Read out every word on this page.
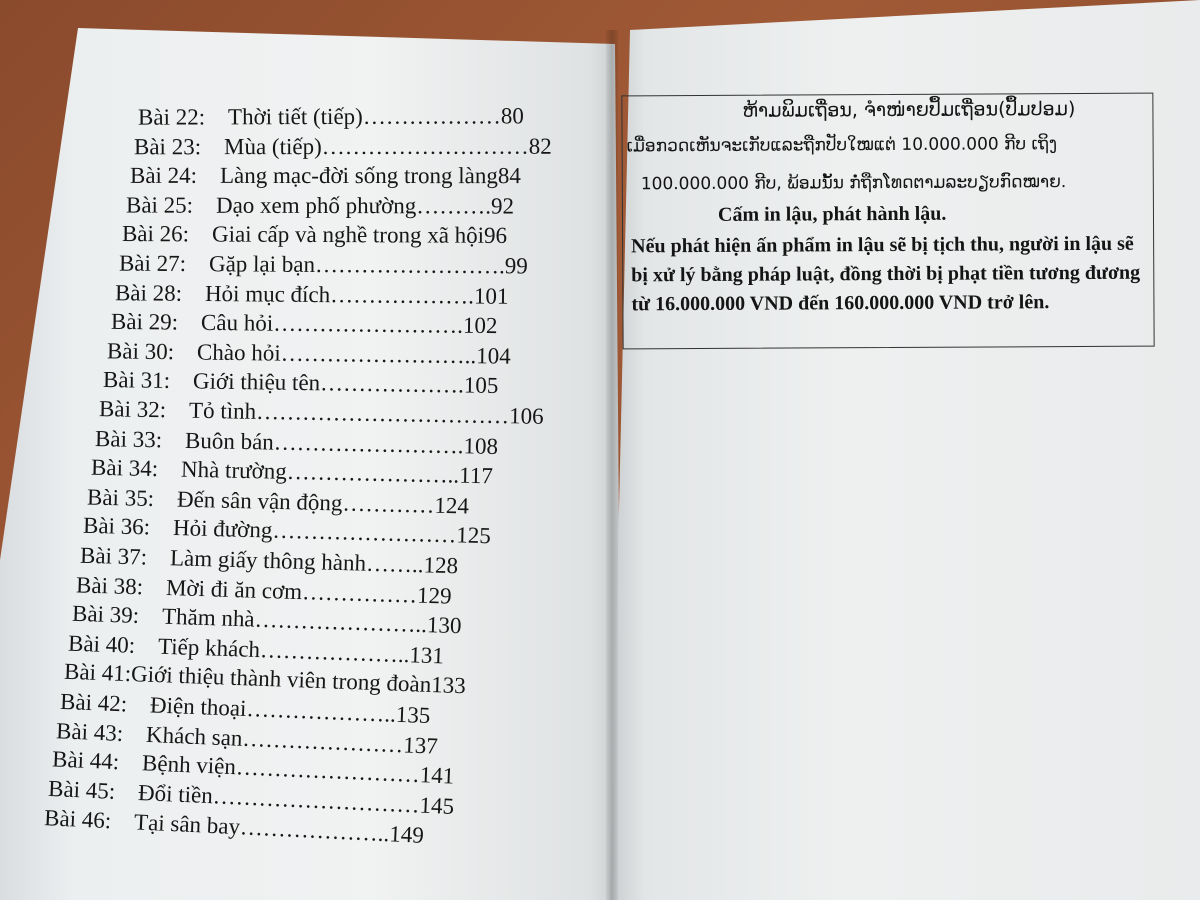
Bài 22: Thời tiết (tiếp) ……………… 80
Bài 23: Mùa (tiếp) ……………………… 82
Bài 24: Làng mạc-đời sống trong làng 84
Bài 25: Dạo xem phố phường ………. 92
Bài 26: Giai cấp và nghề trong xã hội 96
Bài 27: Gặp lại bạn ……………………. 99
Bài 28: Hỏi mục đích ………………. 101
Bài 29: Câu hỏi ……………………. 102
Bài 30: Chào hỏi …………………….. 104
Bài 31: Giới thiệu tên ………………. 105
Bài 32: Tỏ tình …………………………… 106
Bài 33: Buôn bán ……………………. 108
Bài 34: Nhà trường ………………….. 117
Bài 35: Đến sân vận động ………… 124
Bài 36: Hỏi đường …………………… 125
Bài 37: Làm giấy thông hành …….. 128
Bài 38: Mời đi ăn cơm …………… 129
Bài 39: Thăm nhà ………………….. 130
Bài 40: Tiếp khách ……………….. 131
Bài 41: Giới thiệu thành viên trong đoàn 133
Bài 42: Điện thoại ……………….. 135
Bài 43: Khách sạn
…………………
137
Bài 44: Bệnh viện
……………………
141
Bài 45: Đổi tiền
………………………
145
Bài 46: Tại sân bay
………………..
149
ຫ້າມພິມເຖື່ອນ, ຈຳໜ່າຍປຶ້ມເຖື່ອນ(ປຶ້ມປອມ)
ເມື່ອກວດເຫັນຈະເກັບແລະຖືກປັບໃໝແຕ່ 10.000.000 ກີບ ເຖິງ
100.000.000 ກີບ, ພ້ອມນັ້ນ ກໍ່ຖືກໂທດຕາມລະບຽບກົດໝາຍ.
Cấm in lậu, phát hành lậu.
Nếu phát hiện ấn phẩm in lậu sẽ bị tịch thu, người in lậu sẽ bị xử lý bằng pháp luật, đồng thời bị phạt tiền tương đương từ 16.000.000 VND đến 160.000.000 VND trở lên.
